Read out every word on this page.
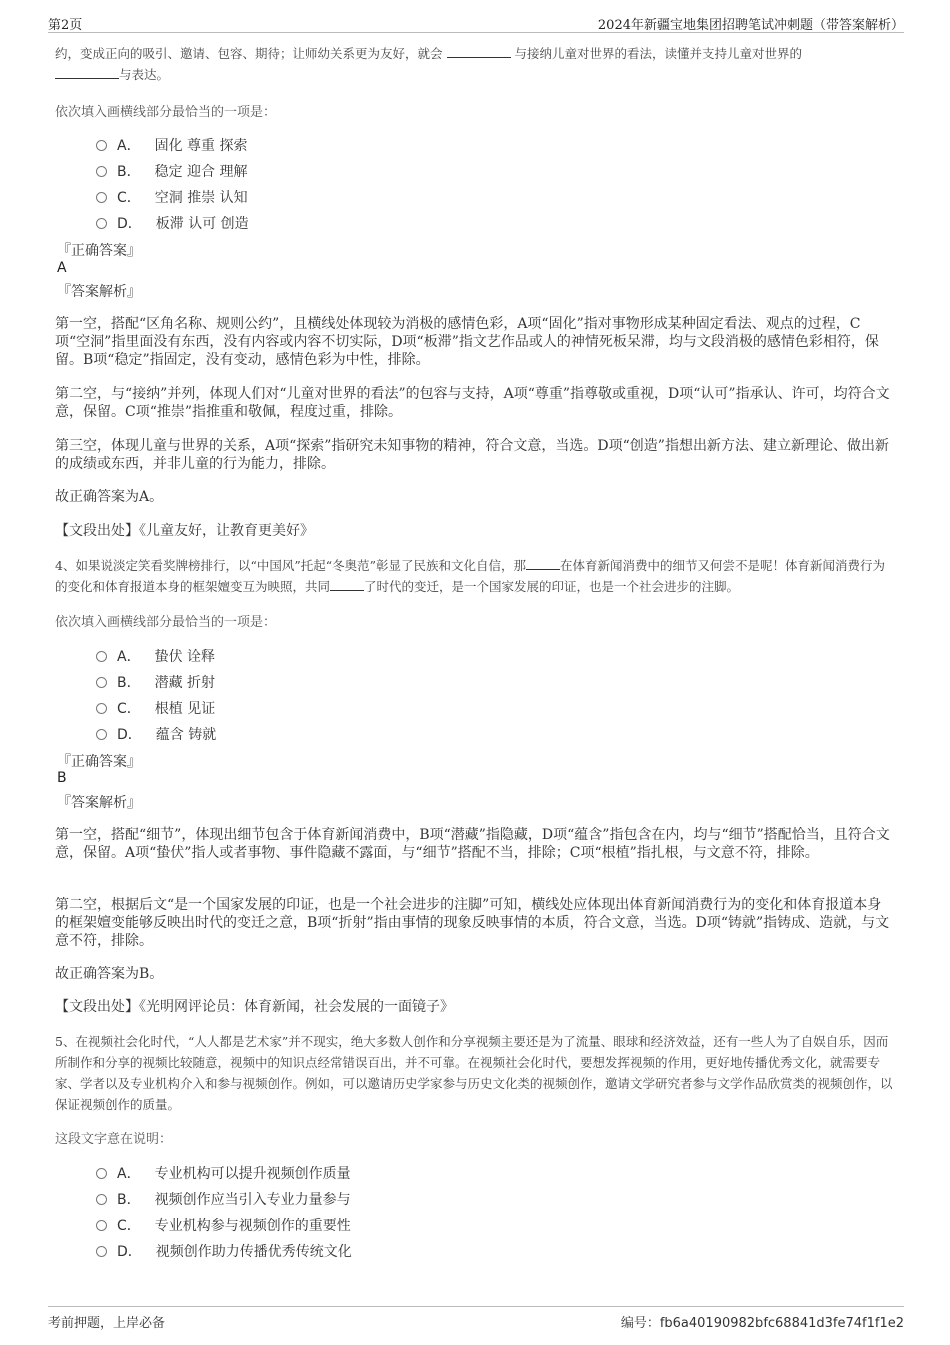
第2页	2024年新疆宝地集团招聘笔试冲刺题（带答案解析）
约，变成正向的吸引、邀请、包容、期待；让师幼关系更为友好，就会	与接纳儿童对世界的看法，读懂并支持儿童对世界的
与表达。
依次填入画横线部分最恰当的一项是：
A． 固化 尊重 探索
B． 稳定 迎合 理解
C． 空洞 推崇 认知
D． 板滞 认可 创造
『正确答案』
A
『答案解析』
第一空，搭配“区角名称、规则公约”，且横线处体现较为消极的感情色彩，A项“固化”指对事物形成某种固定看法、观点的过程，C项“空洞”指里面没有东西，没有内容或内容不切实际，D项“板滞”指文艺作品或人的神情死板呆滞，均与文段消极的感情色彩相符，保留。B项“稳定”指固定，没有变动，感情色彩为中性，排除。
第二空，与“接纳”并列，体现人们对“儿童对世界的看法”的包容与支持，A项“尊重”指尊敬或重视，D项“认可”指承认、许可，均符合文意，保留。C项“推崇”指推重和敬佩，程度过重，排除。
第三空，体现儿童与世界的关系，A项“探索”指研究未知事物的精神，符合文意，当选。D项“创造”指想出新方法、建立新理论、做出新的成绩或东西，并非儿童的行为能力，排除。
故正确答案为A。
【文段出处】《儿童友好，让教育更美好》
4、如果说淡定笑看奖牌榜排行，以“中国风”托起“冬奥范”彰显了民族和文化自信，那	在体育新闻消费中的细节又何尝不是呢！体育新闻消费行为的变化和体育报道本身的框架嬗变互为映照，共同	了时代的变迁，是一个国家发展的印证，也是一个社会进步的注脚。
依次填入画横线部分最恰当的一项是：
A． 蛰伏 诠释
B． 潜藏 折射
C． 根植 见证
D． 蕴含 铸就
『正确答案』
B
『答案解析』
第一空，搭配“细节”，体现出细节包含于体育新闻消费中，B项“潜藏”指隐藏，D项“蕴含”指包含在内，均与“细节”搭配恰当，且符合文意，保留。A项“蛰伏”指人或者事物、事件隐藏不露面，与“细节”搭配不当，排除；C项“根植”指扎根，与文意不符，排除。
第二空，根据后文“是一个国家发展的印证，也是一个社会进步的注脚”可知，横线处应体现出体育新闻消费行为的变化和体育报道本身的框架嬗变能够反映出时代的变迁之意，B项“折射”指由事情的现象反映事情的本质，符合文意，当选。D项“铸就”指铸成、造就，与文意不符，排除。
故正确答案为B。
【文段出处】《光明网评论员：体育新闻，社会发展的一面镜子》
5、在视频社会化时代，“人人都是艺术家”并不现实，绝大多数人创作和分享视频主要还是为了流量、眼球和经济效益，还有一些人为了自娱自乐，因而所制作和分享的视频比较随意，视频中的知识点经常错误百出，并不可靠。在视频社会化时代，要想发挥视频的作用，更好地传播优秀文化，就需要专家、学者以及专业机构介入和参与视频创作。例如，可以邀请历史学家参与历史文化类的视频创作，邀请文学研究者参与文学作品欣赏类的视频创作，以保证视频创作的质量。
这段文字意在说明：
A． 专业机构可以提升视频创作质量
B． 视频创作应当引入专业力量参与
C． 专业机构参与视频创作的重要性
D． 视频创作助力传播优秀传统文化
考前押题，上岸必备	编号：fb6a40190982bfc68841d3fe74f1f1e2
